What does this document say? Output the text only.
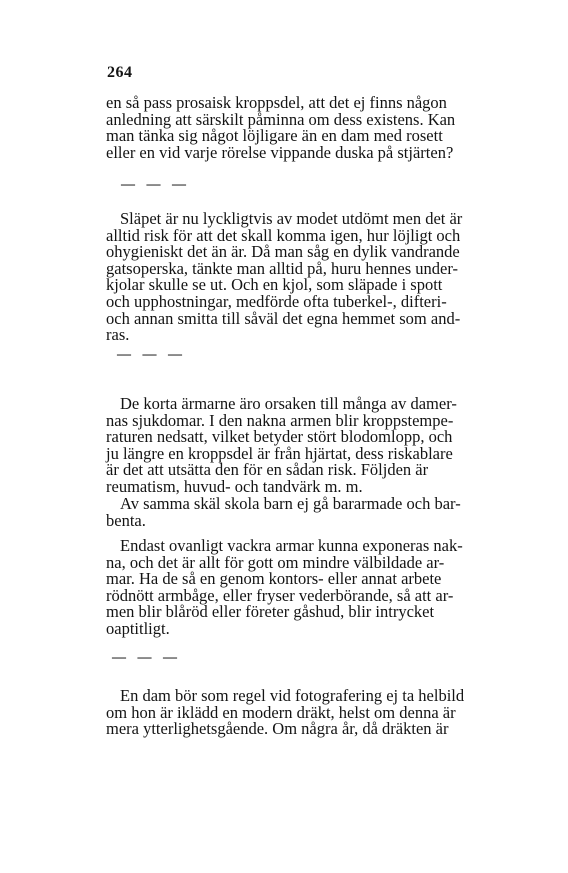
264
en så pass prosaisk kroppsdel, att det ej finns någon
anledning att särskilt påminna om dess existens. Kan
man tänka sig något löjligare än en dam med rosett
eller en vid varje rörelse vippande duska på stjärten?
— — —
Släpet är nu lyckligtvis av modet utdömt men det är
alltid risk för att det skall komma igen, hur löjligt och
ohygieniskt det än är. Då man såg en dylik vandrande
gatsoperska, tänkte man alltid på, huru hennes under-
kjolar skulle se ut. Och en kjol, som släpade i spott
och upphostningar, medförde ofta tuberkel-, difteri-
och annan smitta till såväl det egna hemmet som and-
ras.
— — —
De korta ärmarne äro orsaken till många av damer-
nas sjukdomar. I den nakna armen blir kroppstempe-
raturen nedsatt, vilket betyder stört blodomlopp, och
ju längre en kroppsdel är från hjärtat, dess riskablare
är det att utsätta den för en sådan risk. Följden är
reumatism, huvud- och tandvärk m. m.
Av samma skäl skola barn ej gå bararmade och bar-
benta.
Endast ovanligt vackra armar kunna exponeras nak-
na, och det är allt för gott om mindre välbildade ar-
mar. Ha de så en genom kontors- eller annat arbete
rödnött armbåge, eller fryser vederbörande, så att ar-
men blir blåröd eller företer gåshud, blir intrycket
oaptitligt.
— — —
En dam bör som regel vid fotografering ej ta helbild
om hon är iklädd en modern dräkt, helst om denna är
mera ytterlighetsgående. Om några år, då dräkten är
